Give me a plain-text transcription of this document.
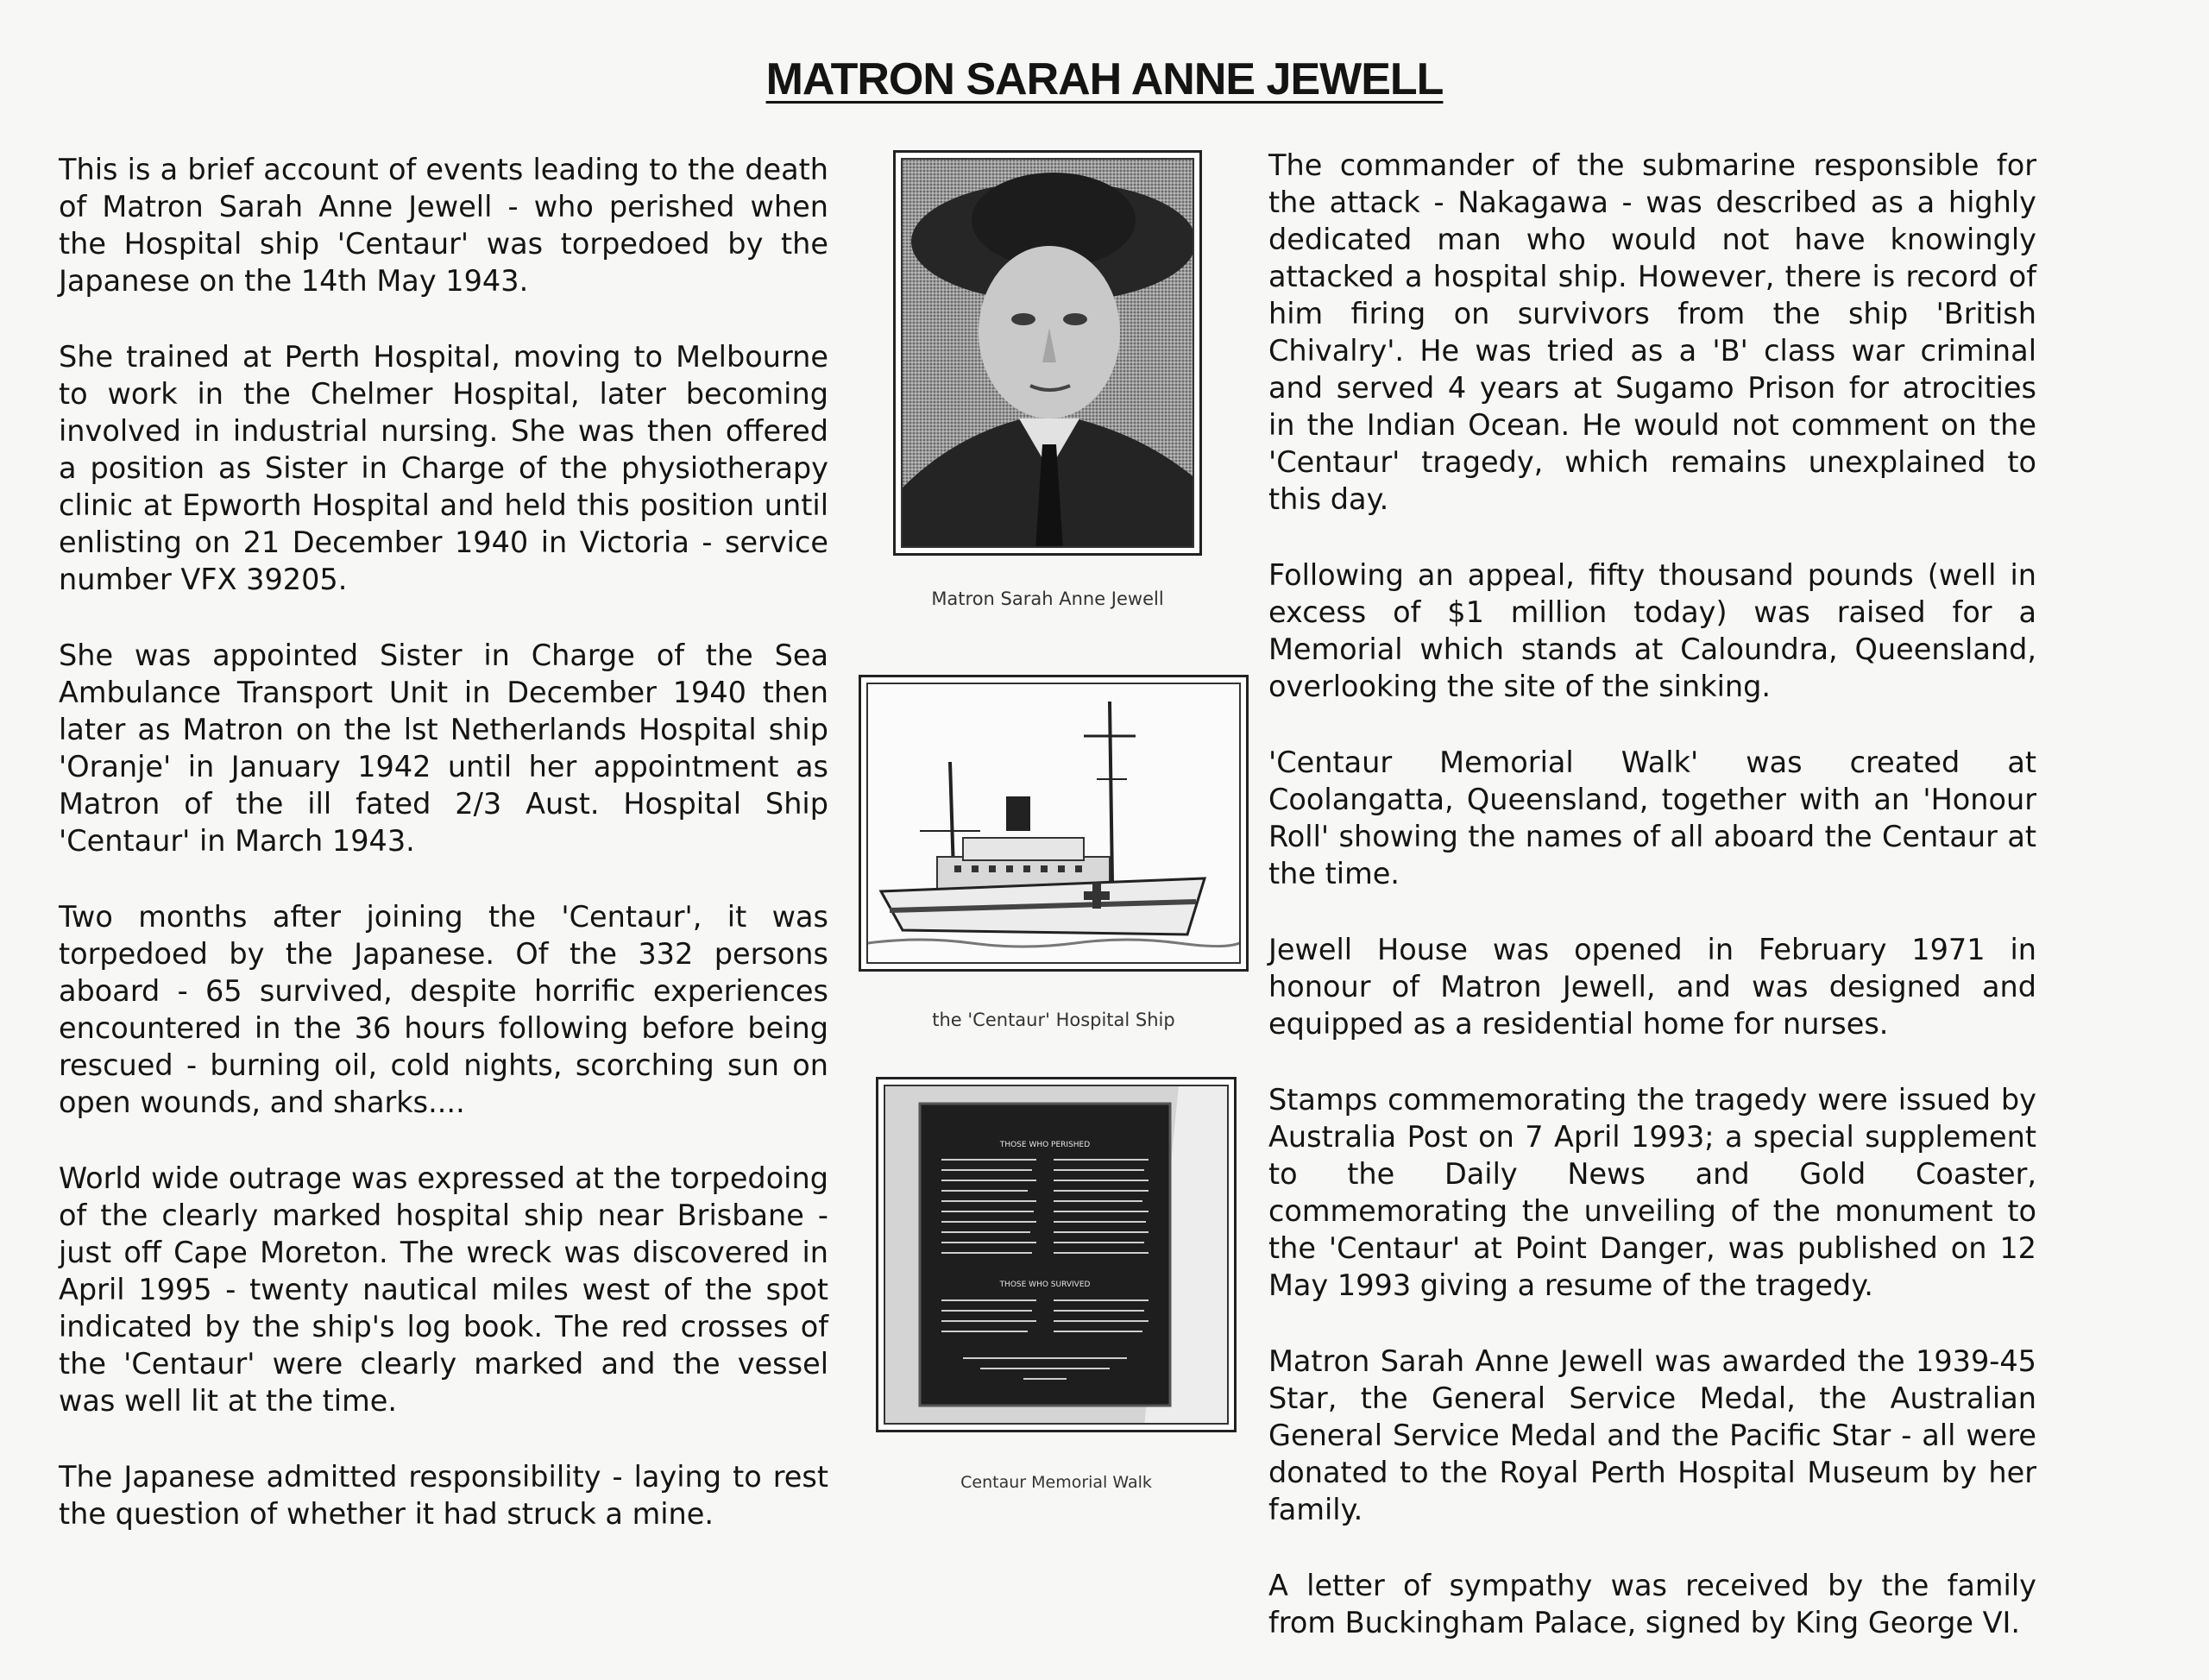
MATRON SARAH ANNE JEWELL

This is a brief account of events leading to the death of Matron Sarah Anne Jewell - who perished when the Hospital ship 'Centaur' was torpedoed by the Japanese on the 14th May 1943.

She trained at Perth Hospital, moving to Melbourne to work in the Chelmer Hospital, later becoming involved in industrial nursing. She was then offered a position as Sister in Charge of the physiotherapy clinic at Epworth Hospital and held this position until enlisting on 21 December 1940 in Victoria - service number VFX 39205.

She was appointed Sister in Charge of the Sea Ambulance Transport Unit in December 1940 then later as Matron on the lst Netherlands Hospital ship 'Oranje' in January 1942 until her appointment as Matron of the ill fated 2/3 Aust. Hospital Ship 'Centaur' in March 1943.

Two months after joining the 'Centaur', it was torpedoed by the Japanese. Of the 332 persons aboard - 65 survived, despite horrific experiences encountered in the 36 hours following before being rescued - burning oil, cold nights, scorching sun on open wounds, and sharks....

World wide outrage was expressed at the torpedoing of the clearly marked hospital ship near Brisbane - just off Cape Moreton. The wreck was discovered in April 1995 - twenty nautical miles west of the spot indicated by the ship's log book. The red crosses of the 'Centaur' were clearly marked and the vessel was well lit at the time.

The Japanese admitted responsibility - laying to rest the question of whether it had struck a mine.

Matron Sarah Anne Jewell
the 'Centaur' Hospital Ship
THOSE WHO PERISHED
THOSE WHO SURVIVED
Centaur Memorial Walk

The commander of the submarine responsible for the attack - Nakagawa - was described as a highly dedicated man who would not have knowingly attacked a hospital ship. However, there is record of him firing on survivors from the ship 'British Chivalry'. He was tried as a 'B' class war criminal and served 4 years at Sugamo Prison for atrocities in the Indian Ocean. He would not comment on the 'Centaur' tragedy, which remains unexplained to this day.

Following an appeal, fifty thousand pounds (well in excess of $1 million today) was raised for a Memorial which stands at Caloundra, Queensland, overlooking the site of the sinking.

'Centaur Memorial Walk' was created at Coolangatta, Queensland, together with an 'Honour Roll' showing the names of all aboard the Centaur at the time.

Jewell House was opened in February 1971 in honour of Matron Jewell, and was designed and equipped as a residential home for nurses.

Stamps commemorating the tragedy were issued by Australia Post on 7 April 1993; a special supplement to the Daily News and Gold Coaster, commemorating the unveiling of the monument to the 'Centaur' at Point Danger, was published on 12 May 1993 giving a resume of the tragedy.

Matron Sarah Anne Jewell was awarded the 1939-45 Star, the General Service Medal, the Australian General Service Medal and the Pacific Star - all were donated to the Royal Perth Hospital Museum by her family.

A letter of sympathy was received by the family from Buckingham Palace, signed by King George VI.
